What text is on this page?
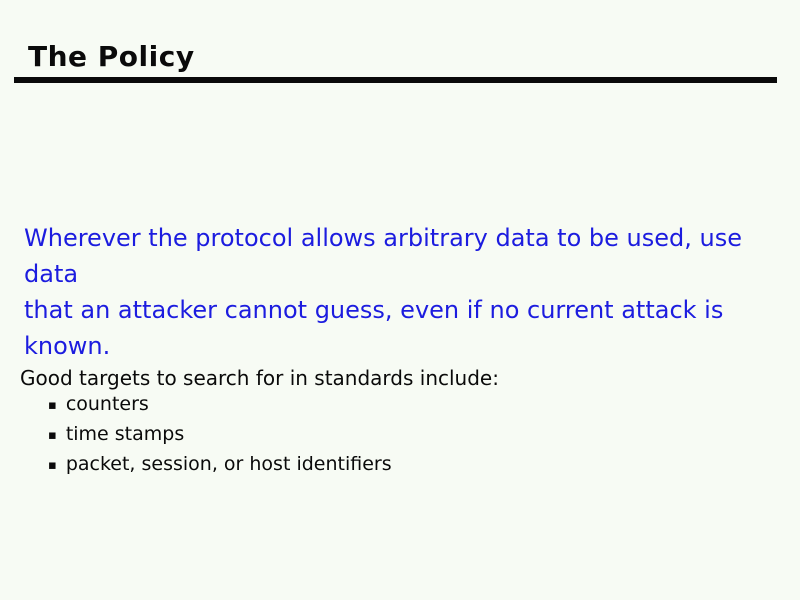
The Policy
Wherever the protocol allows arbitrary data to be used, use data
that an attacker cannot guess, even if no current attack is known.
Good targets to search for in standards include:
▪ counters
▪ time stamps
▪ packet, session, or host identifiers
